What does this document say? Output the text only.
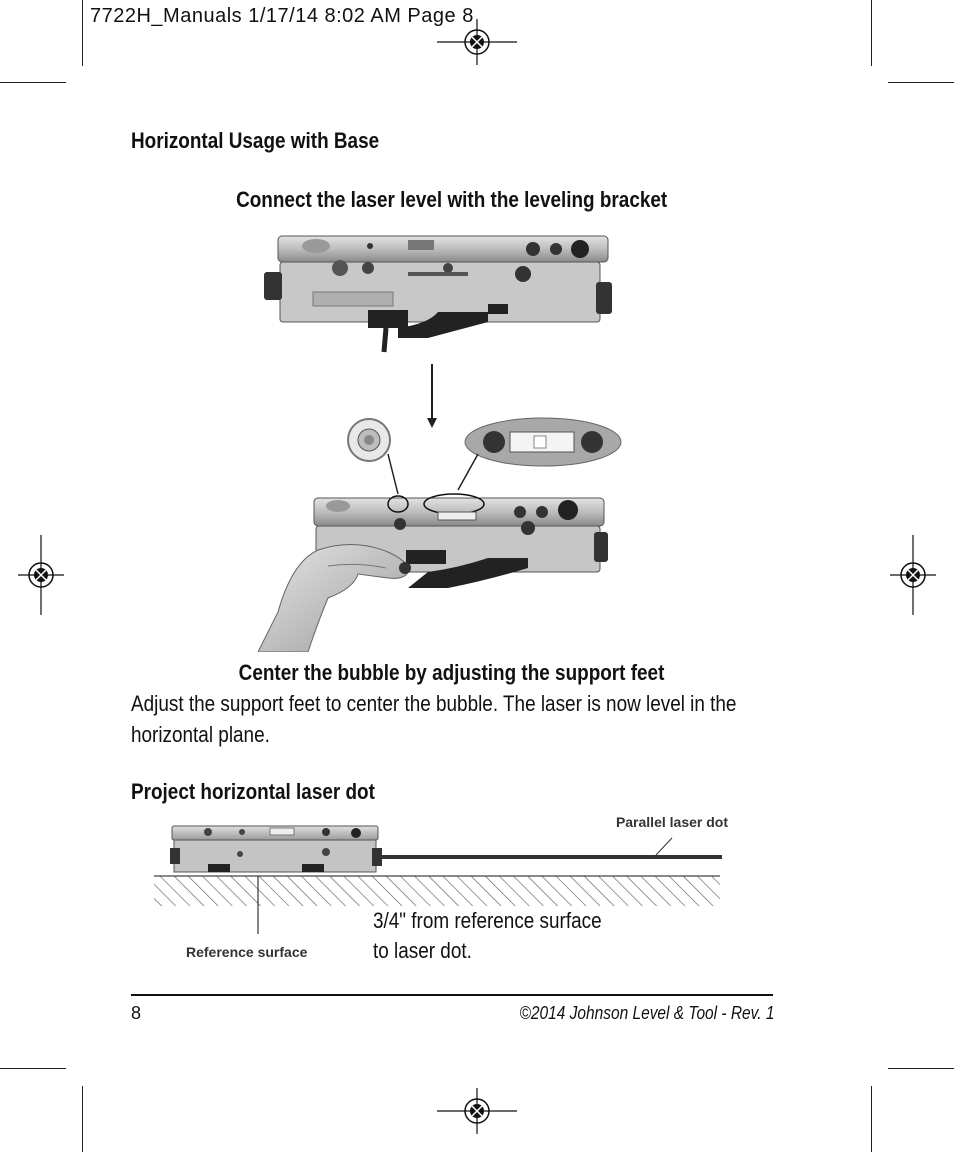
7722H_Manuals 1/17/14 8:02 AM Page 8
Horizontal Usage with Base
Connect the laser level with the leveling bracket
Center the bubble by adjusting the support feet
Adjust the support feet to center the bubble. The laser is now level in the horizontal plane.
Project horizontal laser dot
Parallel laser dot
Reference surface
3/4" from reference surface
to laser dot.
8	©2014 Johnson Level & Tool - Rev. 1
